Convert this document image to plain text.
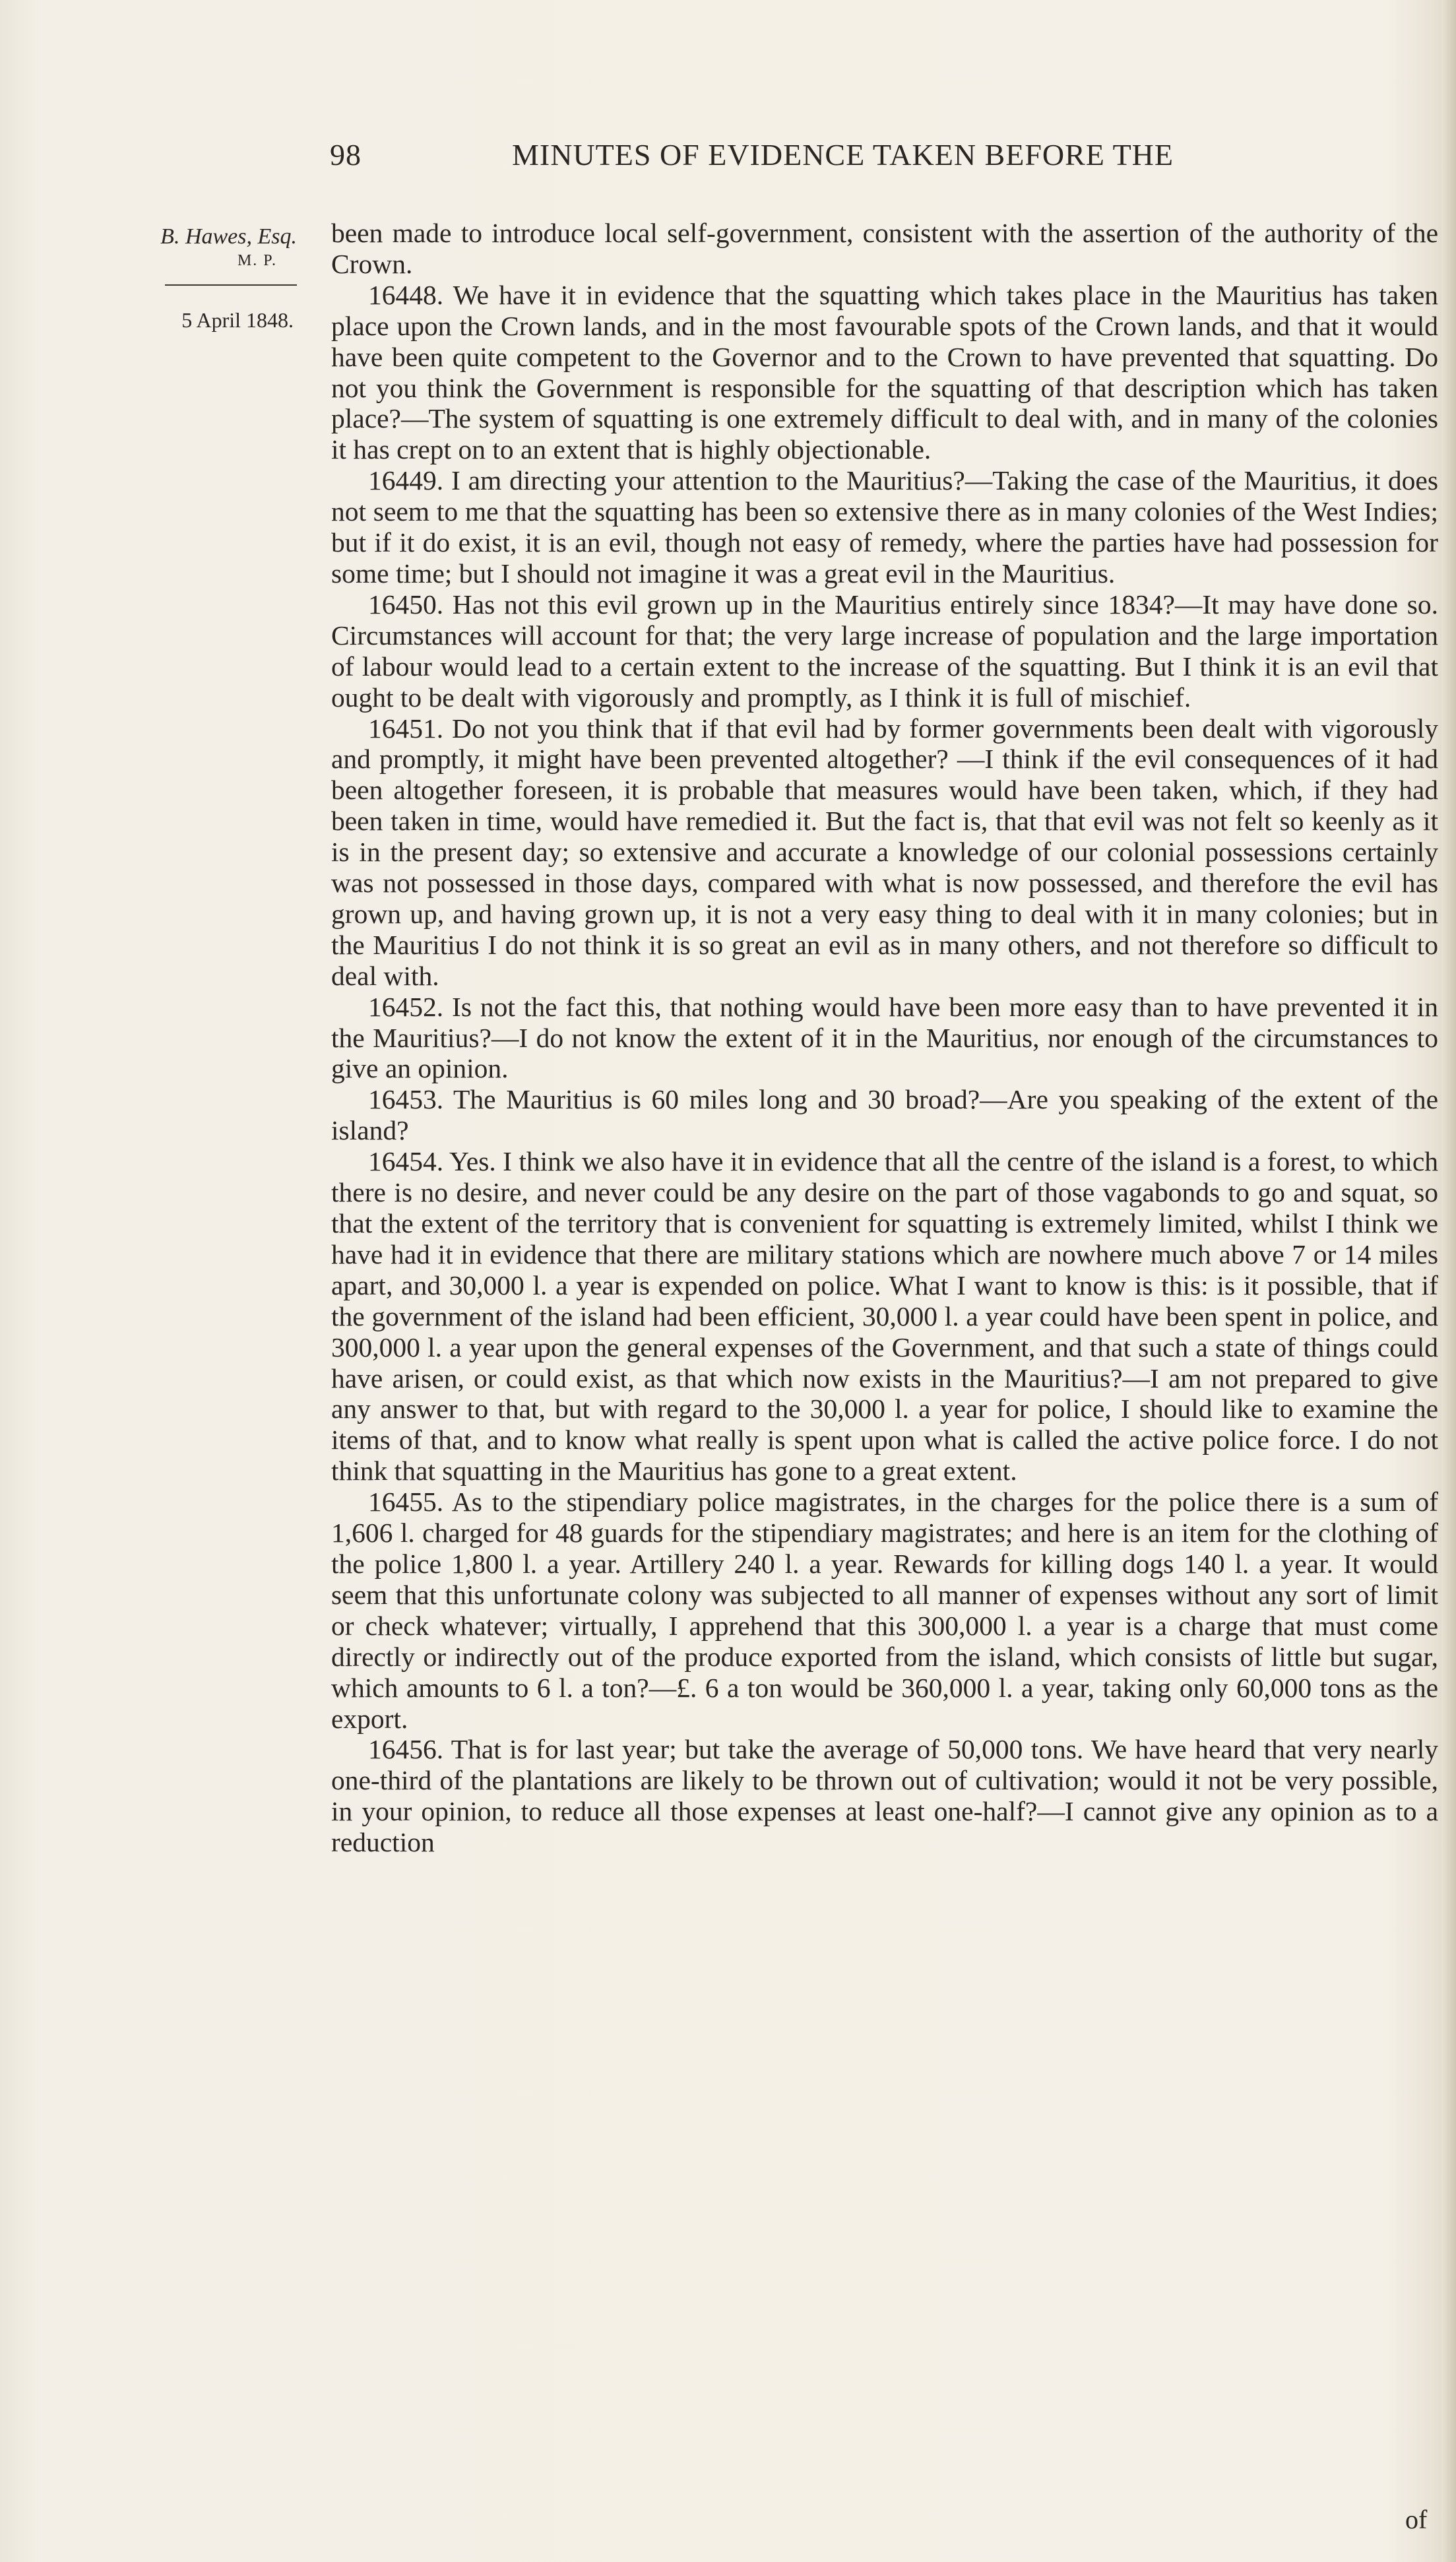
98	MINUTES OF EVIDENCE TAKEN BEFORE THE
B. Hawes, Esq.
M. P.
5 April 1848.

been made to introduce local self-government, consistent with the assertion of the authority of the Crown.

16448. We have it in evidence that the squatting which takes place in the Mauritius has taken place upon the Crown lands, and in the most favourable spots of the Crown lands, and that it would have been quite competent to the Governor and to the Crown to have prevented that squatting. Do not you think the Government is responsible for the squatting of that description which has taken place?—The system of squatting is one extremely difficult to deal with, and in many of the colonies it has crept on to an extent that is highly objectionable.

16449. I am directing your attention to the Mauritius?—Taking the case of the Mauritius, it does not seem to me that the squatting has been so extensive there as in many colonies of the West Indies; but if it do exist, it is an evil, though not easy of remedy, where the parties have had possession for some time; but I should not imagine it was a great evil in the Mauritius.

16450. Has not this evil grown up in the Mauritius entirely since 1834?—It may have done so. Circumstances will account for that; the very large increase of population and the large importation of labour would lead to a certain extent to the increase of the squatting. But I think it is an evil that ought to be dealt with vigorously and promptly, as I think it is full of mischief.

16451. Do not you think that if that evil had by former governments been dealt with vigorously and promptly, it might have been prevented altogether? —I think if the evil consequences of it had been altogether foreseen, it is probable that measures would have been taken, which, if they had been taken in time, would have remedied it. But the fact is, that that evil was not felt so keenly as it is in the present day; so extensive and accurate a knowledge of our colonial possessions certainly was not possessed in those days, compared with what is now possessed, and therefore the evil has grown up, and having grown up, it is not a very easy thing to deal with it in many colonies; but in the Mauritius I do not think it is so great an evil as in many others, and not therefore so difficult to deal with.

16452. Is not the fact this, that nothing would have been more easy than to have prevented it in the Mauritius?—I do not know the extent of it in the Mauritius, nor enough of the circumstances to give an opinion.

16453. The Mauritius is 60 miles long and 30 broad?—Are you speaking of the extent of the island?

16454. Yes. I think we also have it in evidence that all the centre of the island is a forest, to which there is no desire, and never could be any desire on the part of those vagabonds to go and squat, so that the extent of the territory that is convenient for squatting is extremely limited, whilst I think we have had it in evidence that there are military stations which are nowhere much above 7 or 14 miles apart, and 30,000 l. a year is expended on police. What I want to know is this: is it possible, that if the government of the island had been efficient, 30,000 l. a year could have been spent in police, and 300,000 l. a year upon the general expenses of the Government, and that such a state of things could have arisen, or could exist, as that which now exists in the Mauritius?—I am not prepared to give any answer to that, but with regard to the 30,000 l. a year for police, I should like to examine the items of that, and to know what really is spent upon what is called the active police force. I do not think that squatting in the Mauritius has gone to a great extent.

16455. As to the stipendiary police magistrates, in the charges for the police there is a sum of 1,606 l. charged for 48 guards for the stipendiary magistrates; and here is an item for the clothing of the police 1,800 l. a year. Artillery 240 l. a year. Rewards for killing dogs 140 l. a year. It would seem that this unfortunate colony was subjected to all manner of expenses without any sort of limit or check whatever; virtually, I apprehend that this 300,000 l. a year is a charge that must come directly or indirectly out of the produce exported from the island, which consists of little but sugar, which amounts to 6 l. a ton?—£. 6 a ton would be 360,000 l. a year, taking only 60,000 tons as the export.

16456. That is for last year; but take the average of 50,000 tons. We have heard that very nearly one-third of the plantations are likely to be thrown out of cultivation; would it not be very possible, in your opinion, to reduce all those expenses at least one-half?—I cannot give any opinion as to a reduction

of
